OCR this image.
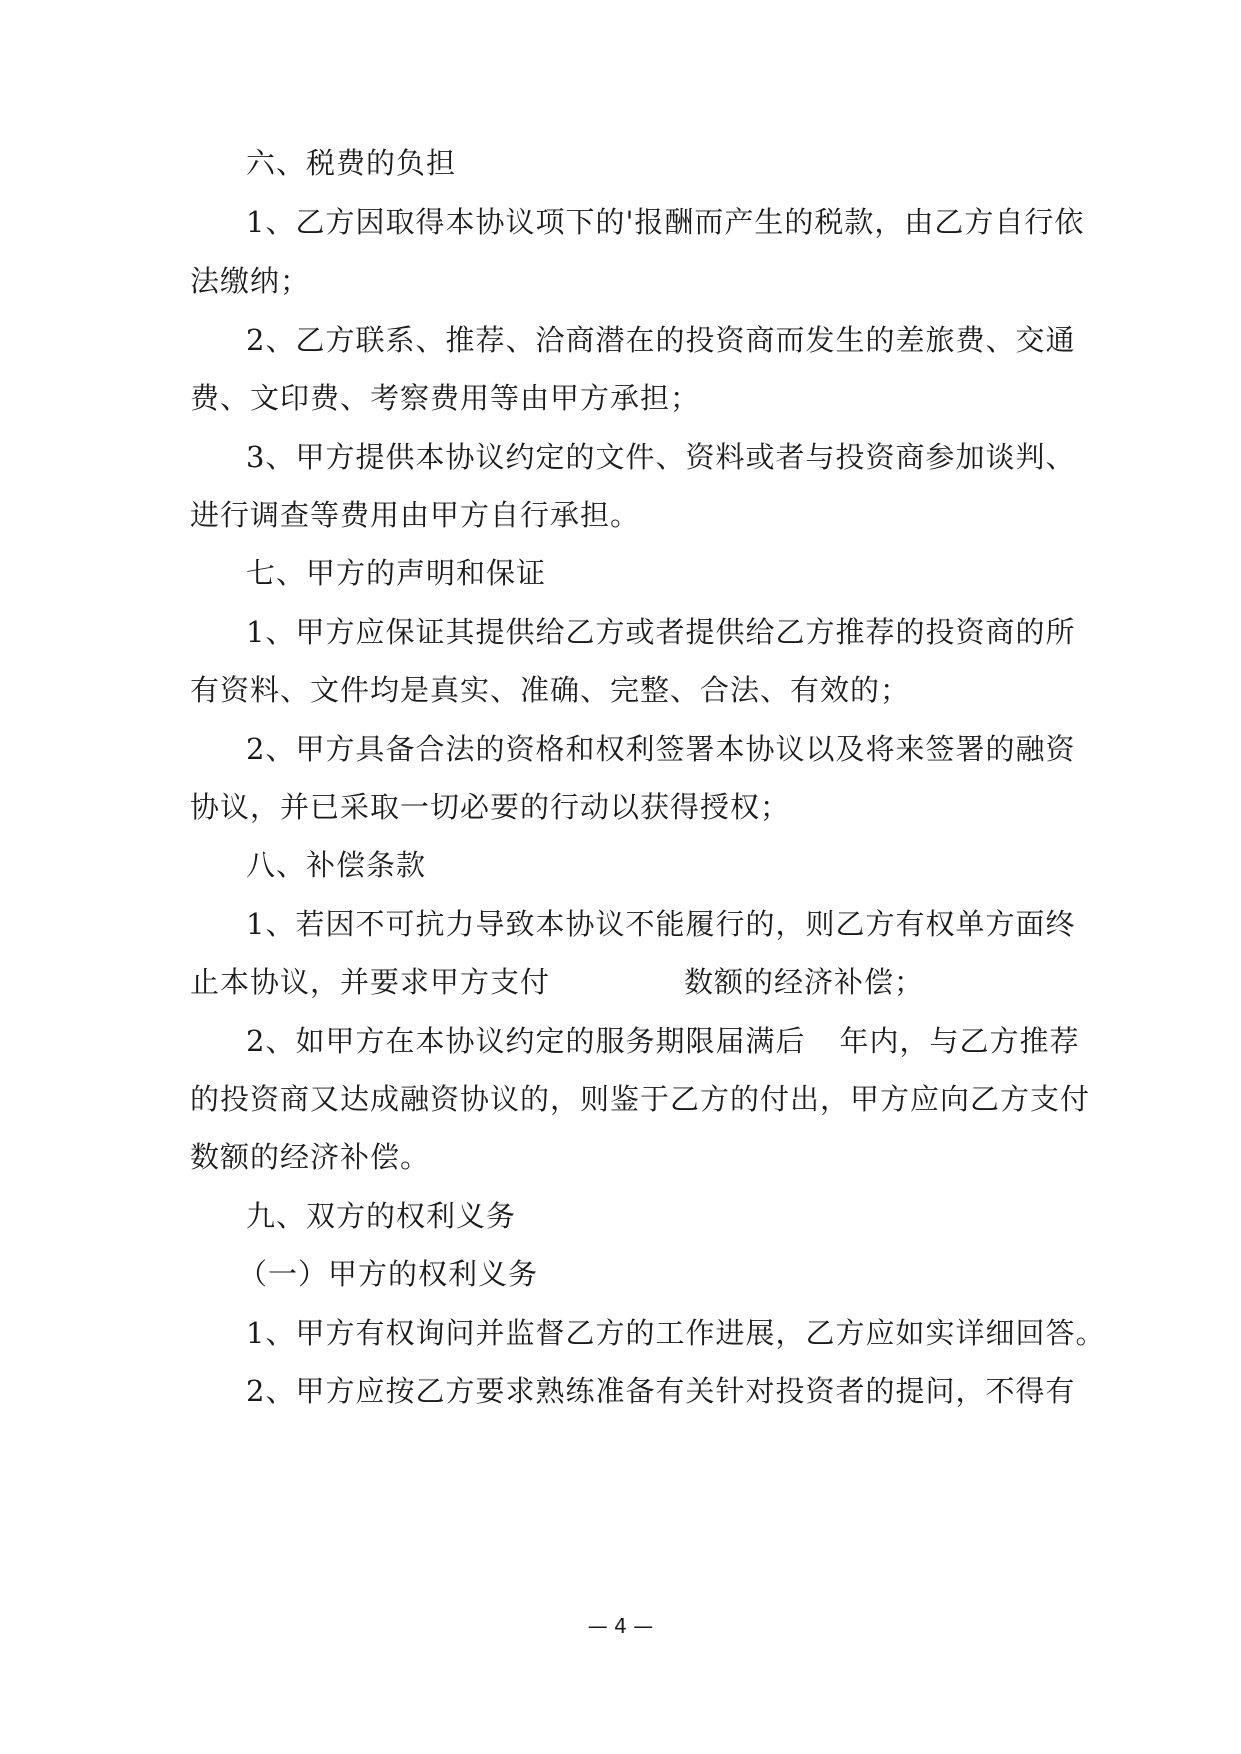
六、税费的负担
1、乙方因取得本协议项下的'报酬而产生的税款，由乙方自行依
法缴纳；
2、乙方联系、推荐、洽商潜在的投资商而发生的差旅费、交通
费、文印费、考察费用等由甲方承担；
3、甲方提供本协议约定的文件、资料或者与投资商参加谈判、
进行调查等费用由甲方自行承担。
七、甲方的声明和保证
1、甲方应保证其提供给乙方或者提供给乙方推荐的投资商的所
有资料、文件均是真实、准确、完整、合法、有效的；
2、甲方具备合法的资格和权利签署本协议以及将来签署的融资
协议，并已采取一切必要的行动以获得授权；
八、补偿条款
1、若因不可抗力导致本协议不能履行的，则乙方有权单方面终
止本协议，并要求甲方支付	数额的经济补偿；
2、如甲方在本协议约定的服务期限届满后 年内，与乙方推荐
的投资商又达成融资协议的，则鉴于乙方的付出，甲方应向乙方支付
数额的经济补偿。
九、双方的权利义务
（一）甲方的权利义务
1、甲方有权询问并监督乙方的工作进展，乙方应如实详细回答。
2、甲方应按乙方要求熟练准备有关针对投资者的提问，不得有
— 4 —
